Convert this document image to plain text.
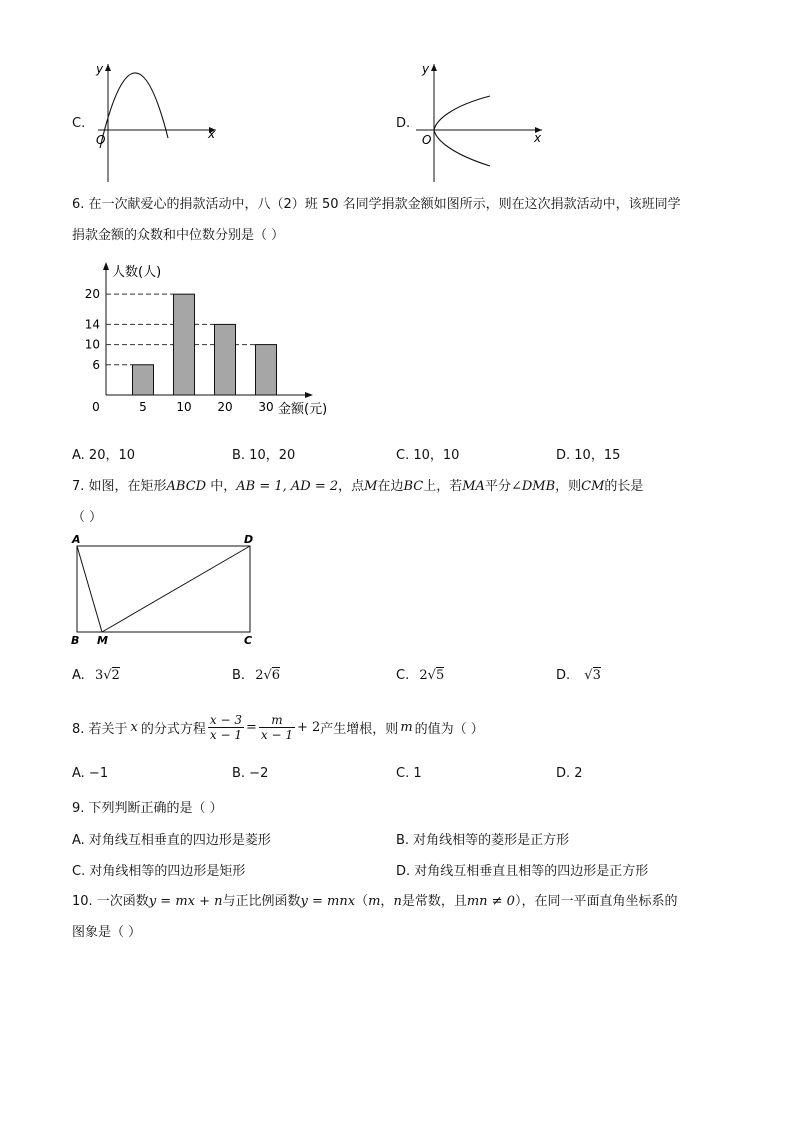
C.
x
y
O
D.
x
y
O
6. 在一次献爱心的捐款活动中，八（2）班 50 名同学捐款金额如图所示，则在这次捐款活动中，该班同学
捐款金额的众数和中位数分别是（ ）
5 10 20 30
6
10
14
20
0
人数(人)
金额(元)
A. 20，10	B. 10，20	C. 10，10	D. 10，15
7. 如图，在矩形ABCD 中，AB = 1, AD = 2，点M在边BC上，若MA平分∠DMB，则CM的长是
（ ）
A	D
B M	C
A. 3√2	B. 2√6	C. 2√5	D. √3
8. 若关于 x 的分式方程 $\frac{x - 3}{x - 1} = \frac{m}{x - 1} + 2$ 产生增根，则 m 的值为（ ）
A. −1	B. −2	C. 1	D. 2
9. 下列判断正确的是（ ）
A. 对角线互相垂直的四边形是菱形	B. 对角线相等的菱形是正方形
C. 对角线相等的四边形是矩形	D. 对角线互相垂直且相等的四边形是正方形
10. 一次函数y = mx + n与正比例函数y = mnx（m，n是常数，且mn ≠ 0），在同一平面直角坐标系的
图象是（ ）
